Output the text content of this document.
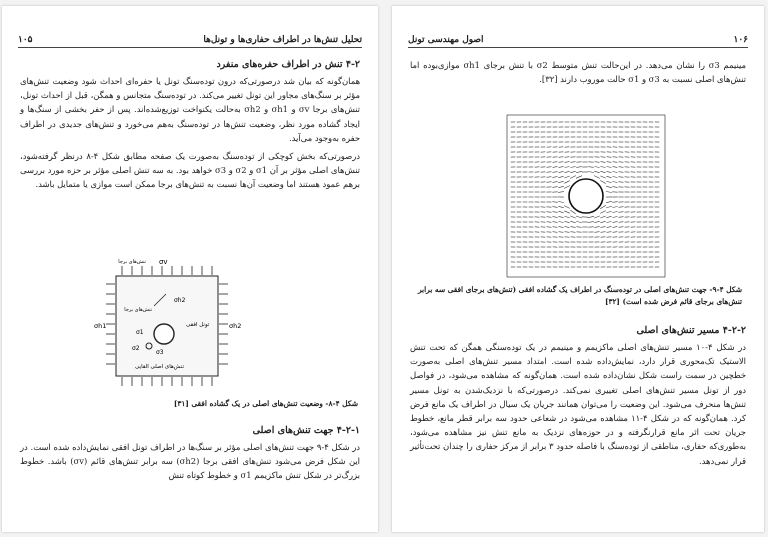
تحلیل تنش‌ها در اطراف حفاری‌ها و تونل‌ها
۱۰۵
۴-۲ تنش در اطراف حفره‌های منفرد
همان‌گونه که بیان شد درصورتی‌که درون توده‌سنگ تونل یا حفره‌ای احداث شود وضعیت تنش‌های مؤثر بر سنگ‌های مجاور این تونل تغییر می‌کند. در توده‌سنگ متجانس و همگن، قبل از احداث تونل، تنش‌های برجا σv و σh1 و σh2 به‌حالت یکنواخت توزیع‌شده‌اند. پس از حفر بخشی از سنگ‌ها و ایجاد گشاده مورد نظر، وضعیت تنش‌ها در توده‌سنگ به‌هم می‌خورد و تنش‌های جدیدی در اطراف حفره به‌وجود می‌آید.
درصورتی‌که بخش کوچکی از توده‌سنگ به‌صورت یک صفحه مطابق شکل ۴-۸ درنظر گرفته‌شود، تنش‌های اصلی مؤثر بر آن σ1 و σ2 و σ3 خواهد بود. به‌ سه تنش اصلی مؤثر بر حزه مورد بررسی برهم عمود هستند اما وضعیت آن‌ها نسبت به تنش‌های برجا ممکن است موازی یا متمایل باشد.
σv
تنش‌های برجا
σh2
σh1
σh2
تنش‌های برجا
تونل افقی
σ1
σ2
σ3
تنش‌های اصلی القایی
شکل ۴-۸- وضعیت تنش‌های اصلی در یک گشاده افقی [۳۱]
۴-۲-۱ جهت تنش‌های اصلی
در شکل ۴-۹ جهت تنش‌های اصلی مؤثر بر سنگ‌ها در اطراف تونل افقی نمایش‌داده شده است. در این شکل فرض می‌شود تنش‌های افقی برجا (σh2) سه برابر تنش‌های قائم (σv) باشد. خطوط بزرگ‌تر در شکل تنش ماکزیمم σ1 و خطوط کوتاه تنش
۱۰۶
اصول مهندسی تونل
مینیمم σ3 را نشان می‌دهد. در این‌حالت تنش متوسط σ2 با تنش برجای σh1 موازی‌بوده اما تنش‌های اصلی نسبت به σ3 و σ1 حالت موروب دارند [۳۲].
شکل ۴-۹- جهت تنش‌های اصلی در توده‌سنگ در اطراف یک گشاده افقی (تنش‌های برجای افقی سه برابر تنش‌های برجای قائم فرض شده است) [۳۲]
۴-۲-۲ مسیر تنش‌های اصلی
در شکل ۴-۱۰ مسیر تنش‌های اصلی ماکزیمم و مینیمم در یک توده‌سنگی همگن که تحت تنش الاستیک تک‌محوری قرار دارد، نمایش‌داده شده است. امتداد مسیر تنش‌های اصلی به‌صورت خطچین در سمت راست شکل نشان‌داده شده است. همان‌گونه که مشاهده می‌شود، در فواصل دور از تونل مسیر تنش‌های اصلی تغییری نمی‌کند. درصورتی‌که با نزدیک‌شدن به تونل مسیر تنش‌ها منحرف می‌شود. این وضعیت را می‌توان همانند جریان یک سیال در اطراف یک مانع فرض کرد. همان‌گونه که در شکل ۴-۱۱ مشاهده می‌شود در شعاعی حدود سه برابر قطر مانع، خطوط جریان تحت اثر مانع قرارنگرفته و در حوزه‌های نزدیک به مانع تنش نیز مشاهده می‌شود، به‌طوری‌که حفاری، مناطقی از توده‌سنگ با فاصله حدود ۳ برابر از مرکز حفاری را چندان تحت‌تأثیر قرار نمی‌دهد.
